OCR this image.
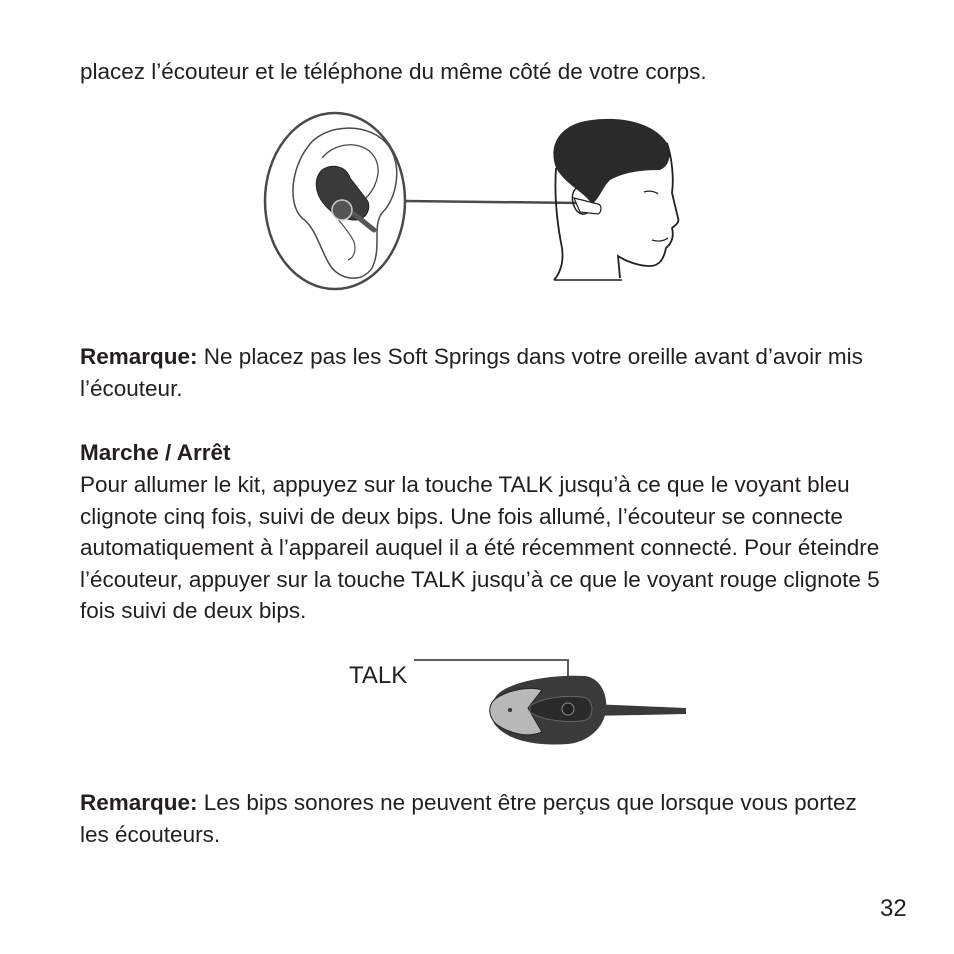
placez l’écouteur et le téléphone du même côté de votre corps.

Remarque: Ne placez pas les Soft Springs dans votre oreille avant d’avoir mis l’écouteur.

Marche / Arrêt

Pour allumer le kit, appuyez sur la touche TALK jusqu’à ce que le voyant bleu clignote cinq fois, suivi de deux bips. Une fois allumé, l’écouteur se connecte automatiquement à l’appareil auquel il a été récemment connecté. Pour éteindre l’écouteur, appuyer sur la touche TALK jusqu’à ce que le voyant rouge clignote 5 fois suivi de deux bips.

TALK

Remarque: Les bips sonores ne peuvent être perçus que lorsque vous portez les écouteurs.

32
